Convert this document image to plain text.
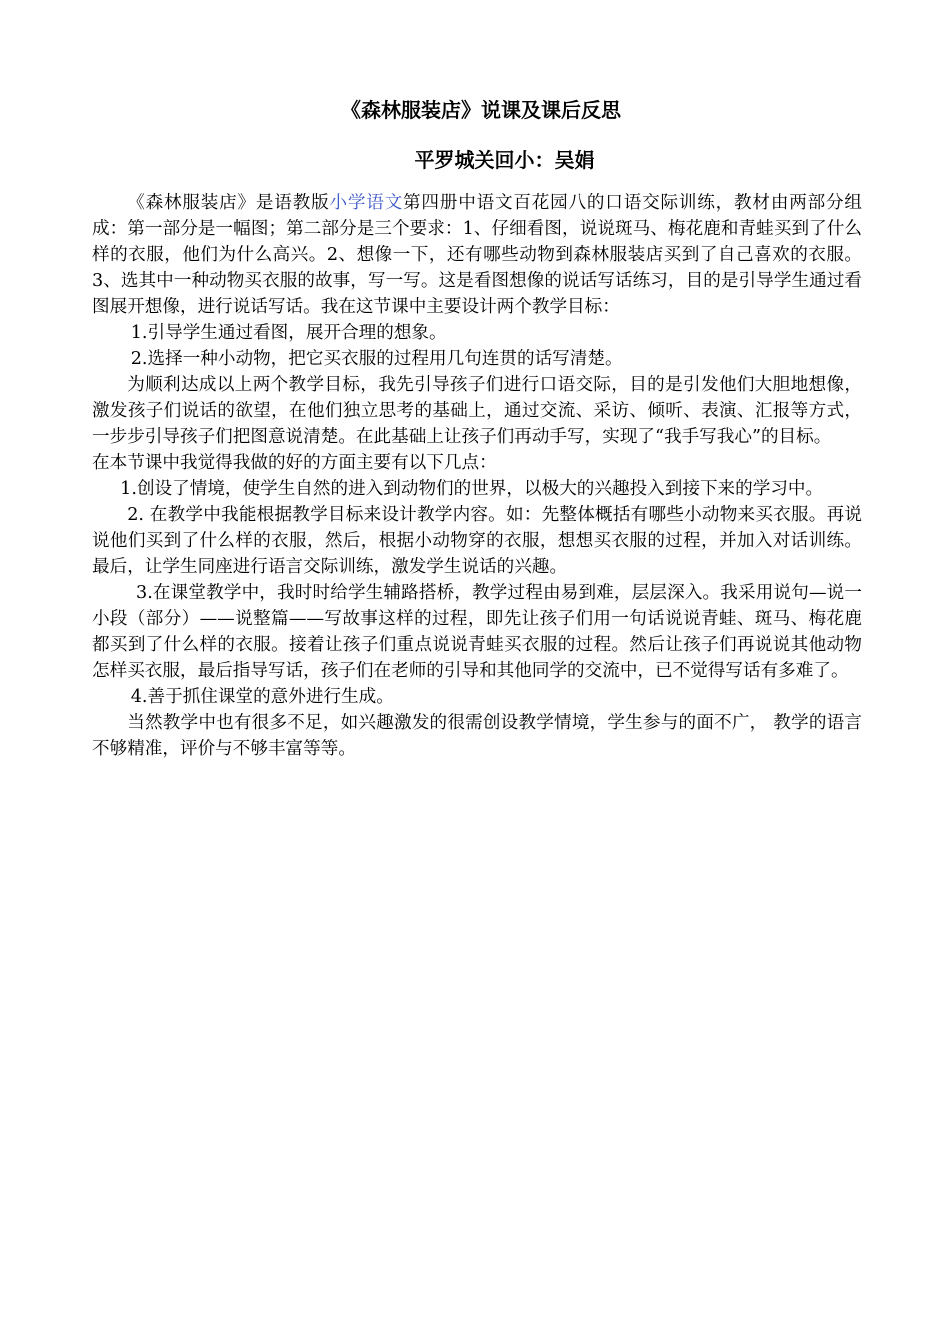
《森林服装店》说课及课后反思
平罗城关回小：吴娟

《森林服装店》是语教版小学语文第四册中语文百花园八的口语交际训练，教材由两部分组成：第一部分是一幅图；第二部分是三个要求：1、仔细看图，说说斑马、梅花鹿和青蛙买到了什么样的衣服，他们为什么高兴。2、想像一下，还有哪些动物到森林服装店买到了自己喜欢的衣服。3、选其中一种动物买衣服的故事，写一写。这是看图想像的说话写话练习，目的是引导学生通过看图展开想像，进行说话写话。我在这节课中主要设计两个教学目标：

1.引导学生通过看图，展开合理的想象。

2.选择一种小动物，把它买衣服的过程用几句连贯的话写清楚。

为顺利达成以上两个教学目标，我先引导孩子们进行口语交际，目的是引发他们大胆地想像，激发孩子们说话的欲望，在他们独立思考的基础上，通过交流、采访、倾听、表演、汇报等方式，一步步引导孩子们把图意说清楚。在此基础上让孩子们再动手写，实现了“我手写我心”的目标。

在本节课中我觉得我做的好的方面主要有以下几点：

1.创设了情境，使学生自然的进入到动物们的世界，以极大的兴趣投入到接下来的学习中。

2. 在教学中我能根据教学目标来设计教学内容。如：先整体概括有哪些小动物来买衣服。再说说他们买到了什么样的衣服，然后，根据小动物穿的衣服，想想买衣服的过程，并加入对话训练。最后，让学生同座进行语言交际训练，激发学生说话的兴趣。

3.在课堂教学中，我时时给学生辅路搭桥，教学过程由易到难，层层深入。我采用说句—说一小段（部分）——说整篇——写故事这样的过程，即先让孩子们用一句话说说青蛙、斑马、梅花鹿都买到了什么样的衣服。接着让孩子们重点说说青蛙买衣服的过程。然后让孩子们再说说其他动物怎样买衣服，最后指导写话，孩子们在老师的引导和其他同学的交流中，已不觉得写话有多难了。

4.善于抓住课堂的意外进行生成。

当然教学中也有很多不足，如兴趣激发的很需创设教学情境，学生参与的面不广， 教学的语言不够精准，评价与不够丰富等等。
